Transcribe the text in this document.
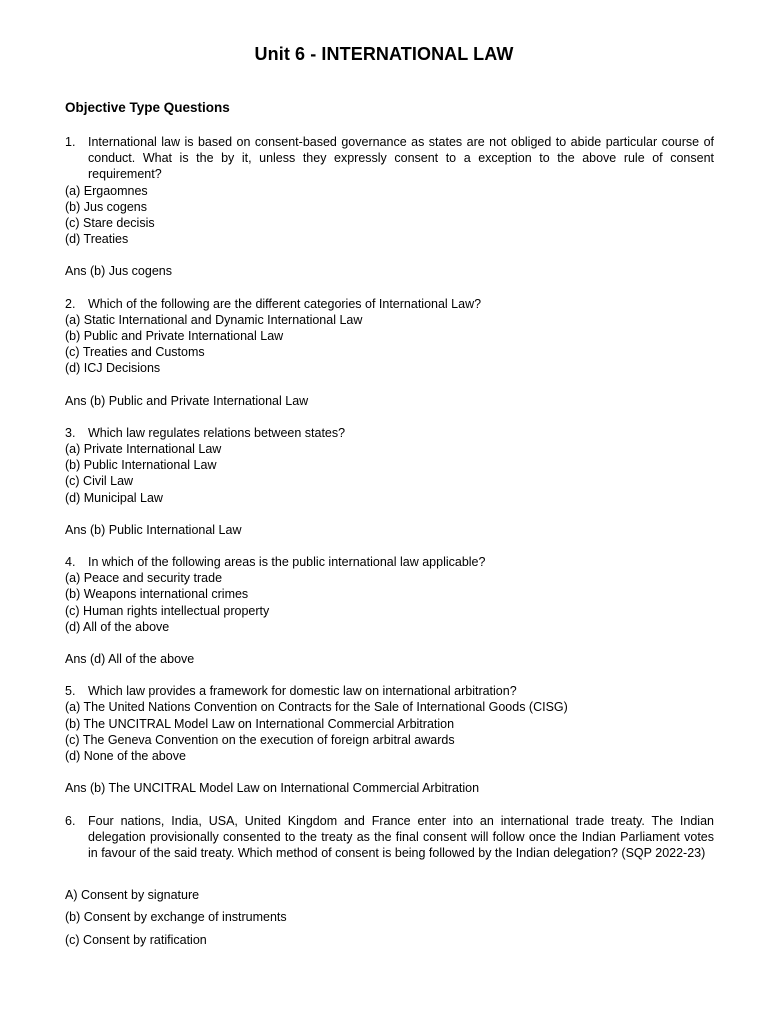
Unit 6 - INTERNATIONAL LAW
Objective Type Questions
1.	International law is based on consent-based governance as states are not obliged to abide particular course of conduct. What is the by it, unless they expressly consent to a exception to the above rule of consent requirement?
(a) Ergaomnes
(b) Jus cogens
(c) Stare decisis
(d) Treaties
Ans (b) Jus cogens
2.	Which of the following are the different categories of International Law?
(a) Static International and Dynamic International Law
(b) Public and Private International Law
(c) Treaties and Customs
(d) ICJ Decisions
Ans (b) Public and Private International Law
3.	Which law regulates relations between states?
(a) Private International Law
(b) Public International Law
(c) Civil Law
(d) Municipal Law
Ans (b) Public International Law
4.	In which of the following areas is the public international law applicable?
(a) Peace and security trade
(b) Weapons international crimes
(c) Human rights intellectual property
(d) All of the above
Ans (d) All of the above
5.	Which law provides a framework for domestic law on international arbitration?
(a) The United Nations Convention on Contracts for the Sale of International Goods (CISG)
(b) The UNCITRAL Model Law on International Commercial Arbitration
(c) The Geneva Convention on the execution of foreign arbitral awards
(d) None of the above
Ans (b) The UNCITRAL Model Law on International Commercial Arbitration
6.	Four nations, India, USA, United Kingdom and France enter into an international trade treaty. The Indian delegation provisionally consented to the treaty as the final consent will follow once the Indian Parliament votes in favour of the said treaty. Which method of consent is being followed by the Indian delegation? (SQP 2022-23)
A) Consent by signature
(b) Consent by exchange of instruments
(c) Consent by ratification
